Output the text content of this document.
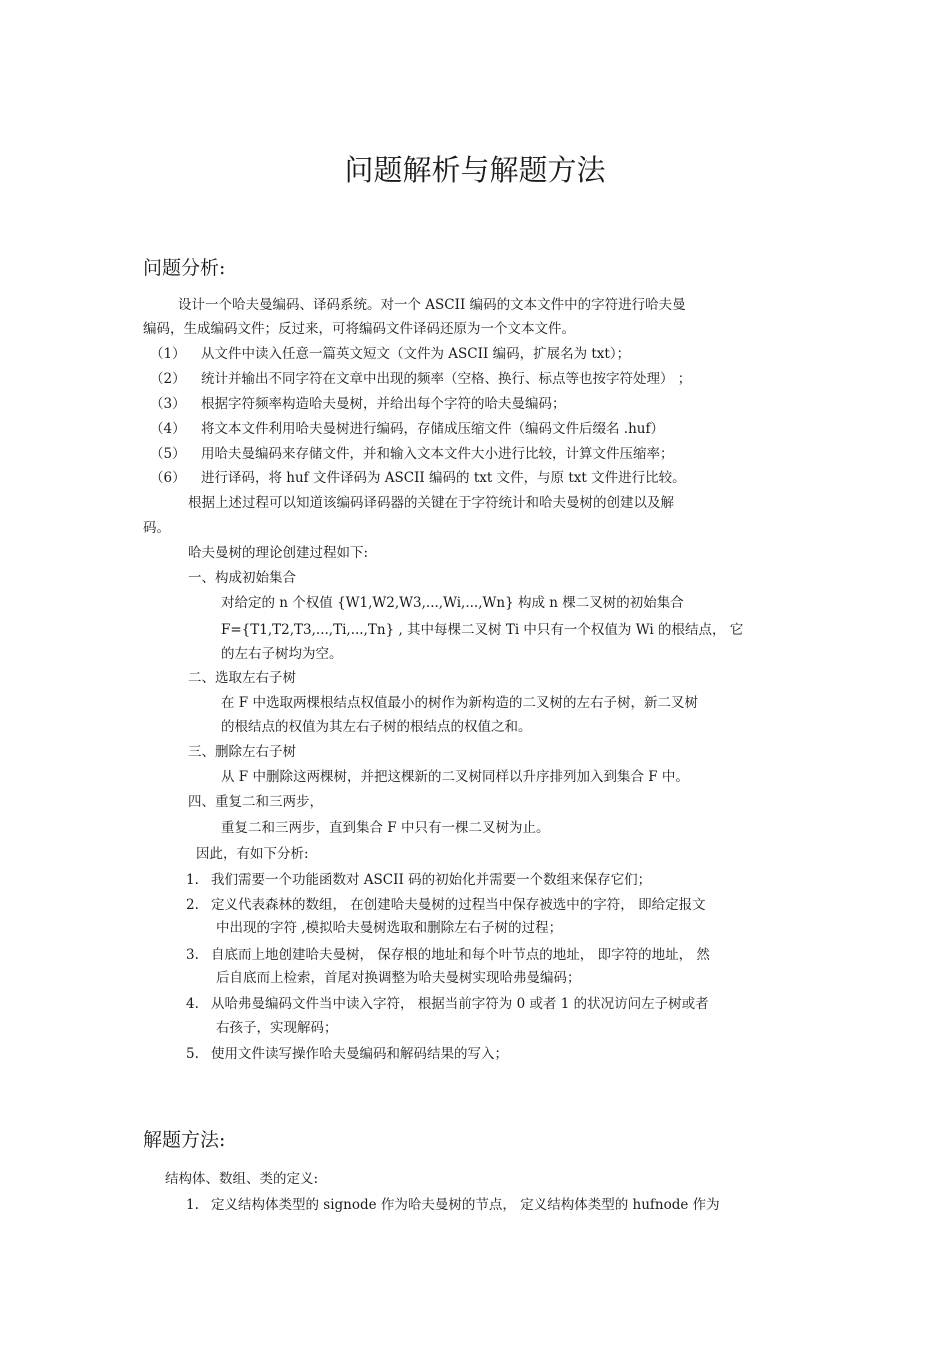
问题解析与解题方法
问题分析:
设计一个哈夫曼编码、译码系统。对一个 ASCII 编码的文本文件中的字符进行哈夫曼
编码，生成编码文件；反过来，可将编码文件译码还原为一个文本文件。
（1） 从文件中读入任意一篇英文短文（文件为 ASCII 编码，扩展名为 txt）；
（2） 统计并输出不同字符在文章中出现的频率（空格、换行、标点等也按字符处理） ；
（3） 根据字符频率构造哈夫曼树，并给出每个字符的哈夫曼编码；
（4） 将文本文件利用哈夫曼树进行编码，存储成压缩文件（编码文件后缀名 .huf）
（5） 用哈夫曼编码来存储文件，并和输入文本文件大小进行比较，计算文件压缩率；
（6） 进行译码，将 huf 文件译码为 ASCII 编码的 txt 文件，与原 txt 文件进行比较。
根据上述过程可以知道该编码译码器的关键在于字符统计和哈夫曼树的创建以及解
码。
哈夫曼树的理论创建过程如下:
一、构成初始集合
对给定的 n 个权值 {W1,W2,W3,...,Wi,...,Wn} 构成 n 棵二叉树的初始集合
F={T1,T2,T3,...,Ti,...,Tn} , 其中每棵二叉树 Ti 中只有一个权值为 Wi 的根结点， 它
的左右子树均为空。
二、选取左右子树
在 F 中选取两棵根结点权值最小的树作为新构造的二叉树的左右子树，新二叉树
的根结点的权值为其左右子树的根结点的权值之和。
三、删除左右子树
从 F 中删除这两棵树，并把这棵新的二叉树同样以升序排列加入到集合 F 中。
四、重复二和三两步，
重复二和三两步，直到集合 F 中只有一棵二叉树为止。
因此，有如下分析:
1. 我们需要一个功能函数对 ASCII 码的初始化并需要一个数组来保存它们；
2. 定义代表森林的数组， 在创建哈夫曼树的过程当中保存被选中的字符， 即给定报文
中出现的字符 ,模拟哈夫曼树选取和删除左右子树的过程；
3. 自底而上地创建哈夫曼树， 保存根的地址和每个叶节点的地址， 即字符的地址， 然
后自底而上检索，首尾对换调整为哈夫曼树实现哈弗曼编码；
4. 从哈弗曼编码文件当中读入字符， 根据当前字符为 0 或者 1 的状况访问左子树或者
右孩子，实现解码；
5. 使用文件读写操作哈夫曼编码和解码结果的写入；
解题方法:
结构体、数组、类的定义:
1. 定义结构体类型的 signode 作为哈夫曼树的节点， 定义结构体类型的 hufnode 作为
